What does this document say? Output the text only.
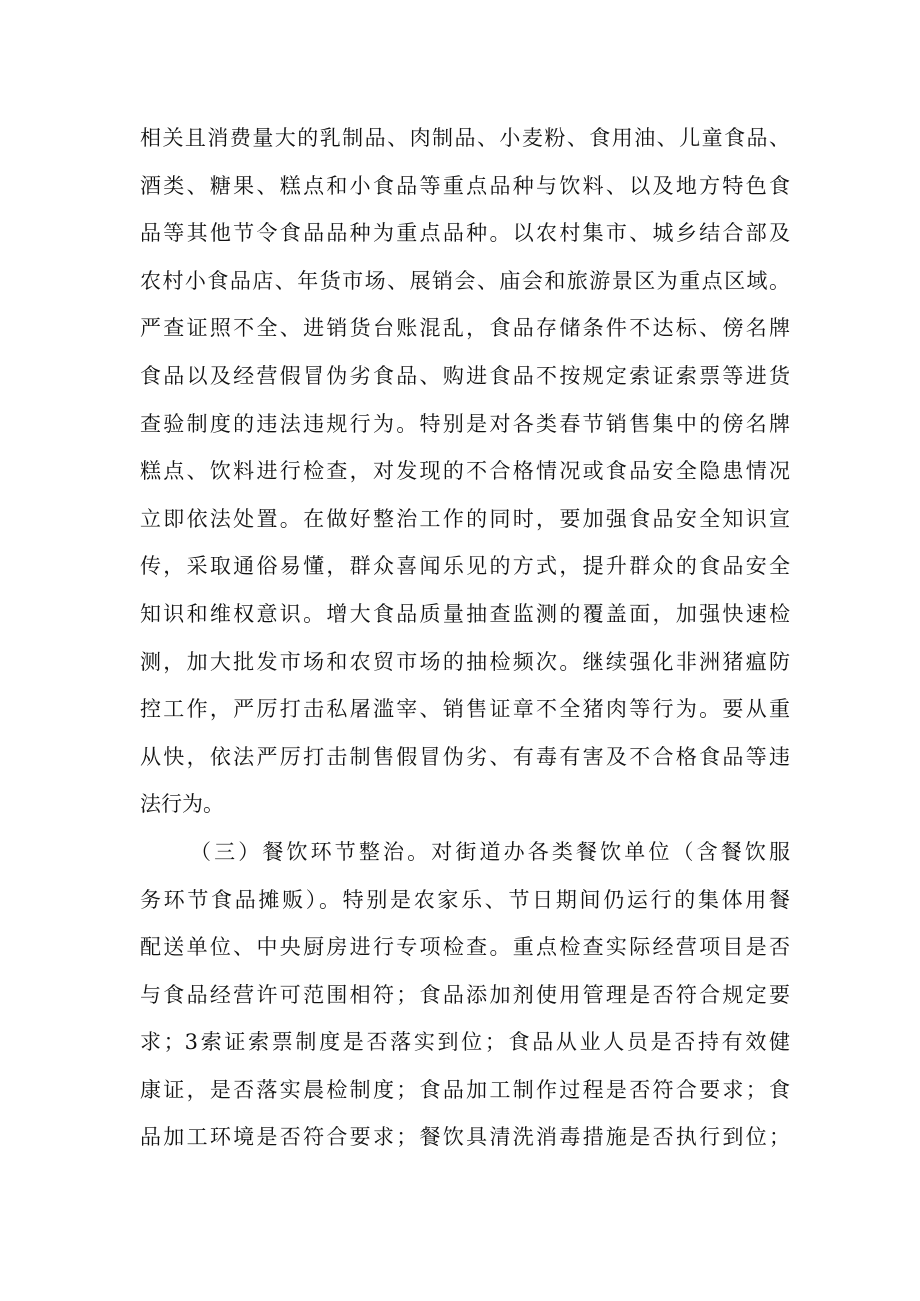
相关且消费量大的乳制品、肉制品、小麦粉、食用油、儿童食品、
酒类、糖果、糕点和小食品等重点品种与饮料、以及地方特色食
品等其他节令食品品种为重点品种。以农村集市、城乡结合部及
农村小食品店、年货市场、展销会、庙会和旅游景区为重点区域。
严查证照不全、进销货台账混乱，食品存储条件不达标、傍名牌
食品以及经营假冒伪劣食品、购进食品不按规定索证索票等进货
查验制度的违法违规行为。特别是对各类春节销售集中的傍名牌
糕点、饮料进行检查，对发现的不合格情况或食品安全隐患情况
立即依法处置。在做好整治工作的同时，要加强食品安全知识宣
传，采取通俗易懂，群众喜闻乐见的方式，提升群众的食品安全
知识和维权意识。增大食品质量抽查监测的覆盖面，加强快速检
测，加大批发市场和农贸市场的抽检频次。继续强化非洲猪瘟防
控工作，严厉打击私屠滥宰、销售证章不全猪肉等行为。要从重
从快，依法严厉打击制售假冒伪劣、有毒有害及不合格食品等违
法行为。
（三）餐饮环节整治。对街道办各类餐饮单位（含餐饮服
务环节食品摊贩）。特别是农家乐、节日期间仍运行的集体用餐
配送单位、中央厨房进行专项检查。重点检查实际经营项目是否
与食品经营许可范围相符；食品添加剂使用管理是否符合规定要
求；3索证索票制度是否落实到位；食品从业人员是否持有效健
康证，是否落实晨检制度；食品加工制作过程是否符合要求；食
品加工环境是否符合要求；餐饮具清洗消毒措施是否执行到位；
